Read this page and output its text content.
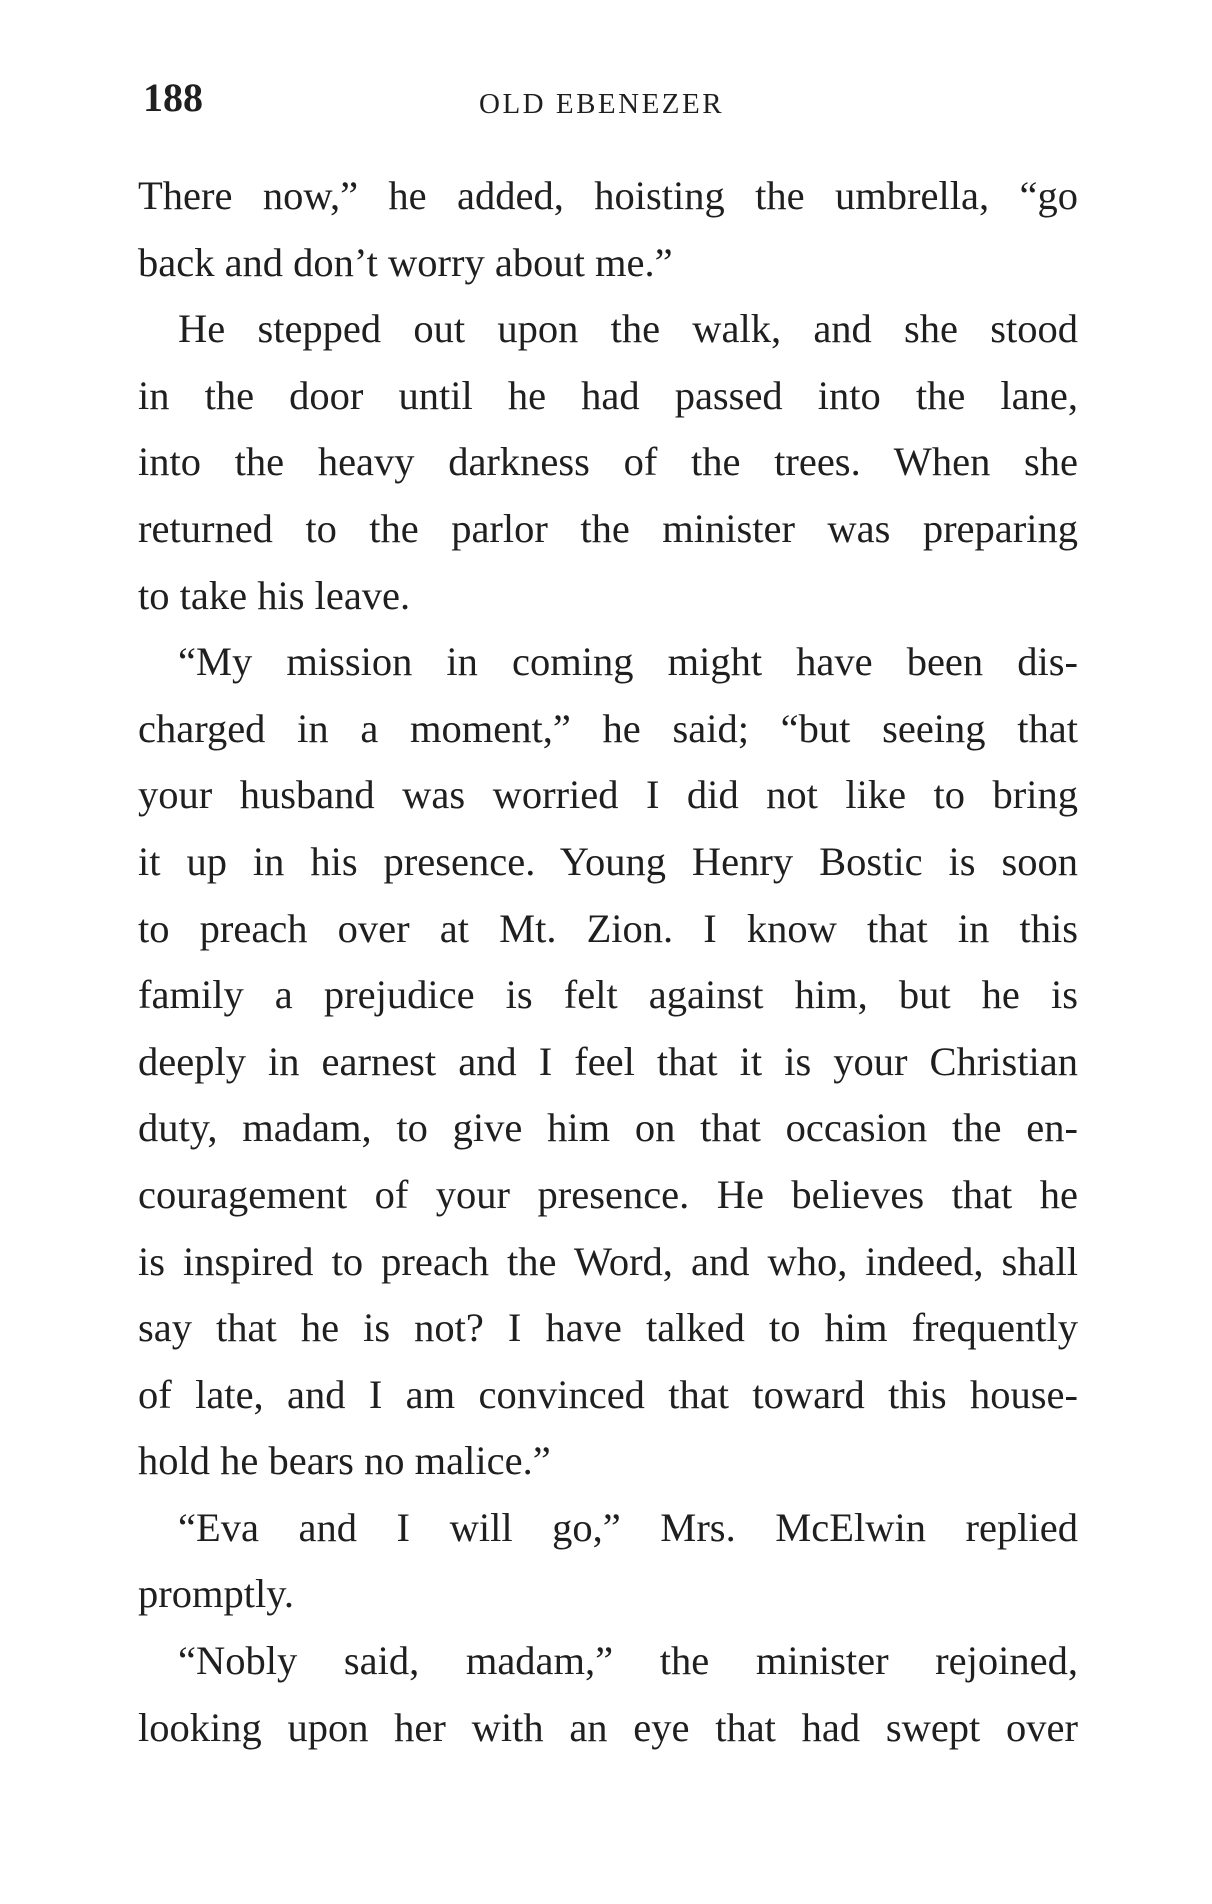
188	OLD EBENEZER
There now,” he added, hoisting the umbrella, “go
back and don’t worry about me.”
He stepped out upon the walk, and she stood
in the door until he had passed into the lane,
into the heavy darkness of the trees. When she
returned to the parlor the minister was preparing
to take his leave.
“My mission in coming might have been dis-
charged in a moment,” he said; “but seeing that
your husband was worried I did not like to bring
it up in his presence. Young Henry Bostic is soon
to preach over at Mt. Zion. I know that in this
family a prejudice is felt against him, but he is
deeply in earnest and I feel that it is your Christian
duty, madam, to give him on that occasion the en-
couragement of your presence. He believes that he
is inspired to preach the Word, and who, indeed, shall
say that he is not? I have talked to him frequently
of late, and I am convinced that toward this house-
hold he bears no malice.”
“Eva and I will go,” Mrs. McElwin replied
promptly.
“Nobly said, madam,” the minister rejoined,
looking upon her with an eye that had swept over
